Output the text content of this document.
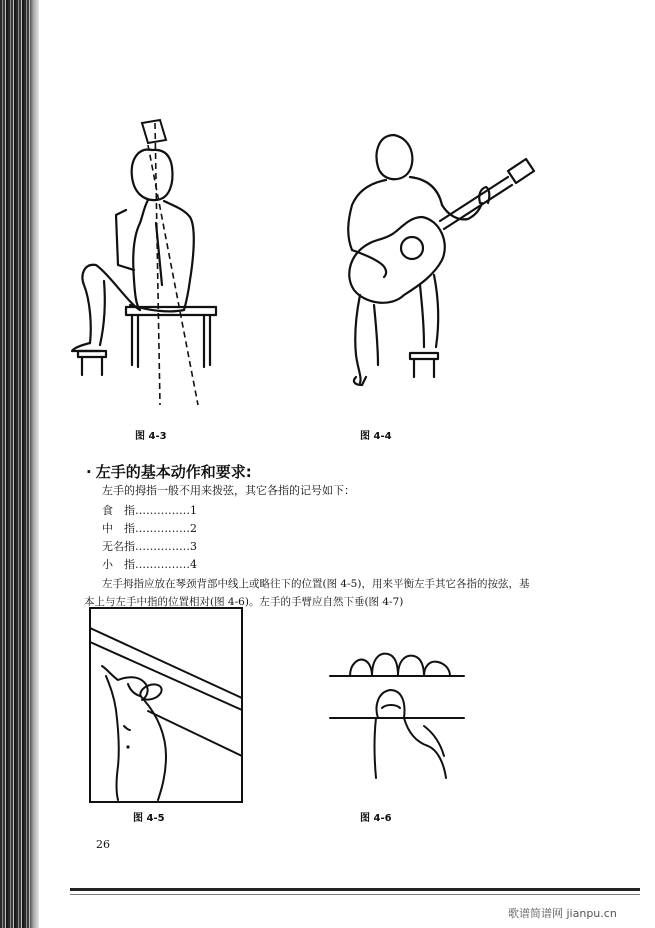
图 4-3	图 4-4
· 左手的基本动作和要求:
左手的拇指一般不用来拨弦，其它各指的记号如下：
食　指……………1
中　指……………2
无名指……………3
小　指……………4
左手拇指应放在琴颈背部中线上或略往下的位置(图 4-5)，用来平衡左手其它各指的按弦，基
本上与左手中指的位置相对(图 4-6)。左手的手臂应自然下垂(图 4-7)
图 4-5	图 4-6
26
歌谱简谱网 jianpu.cn
